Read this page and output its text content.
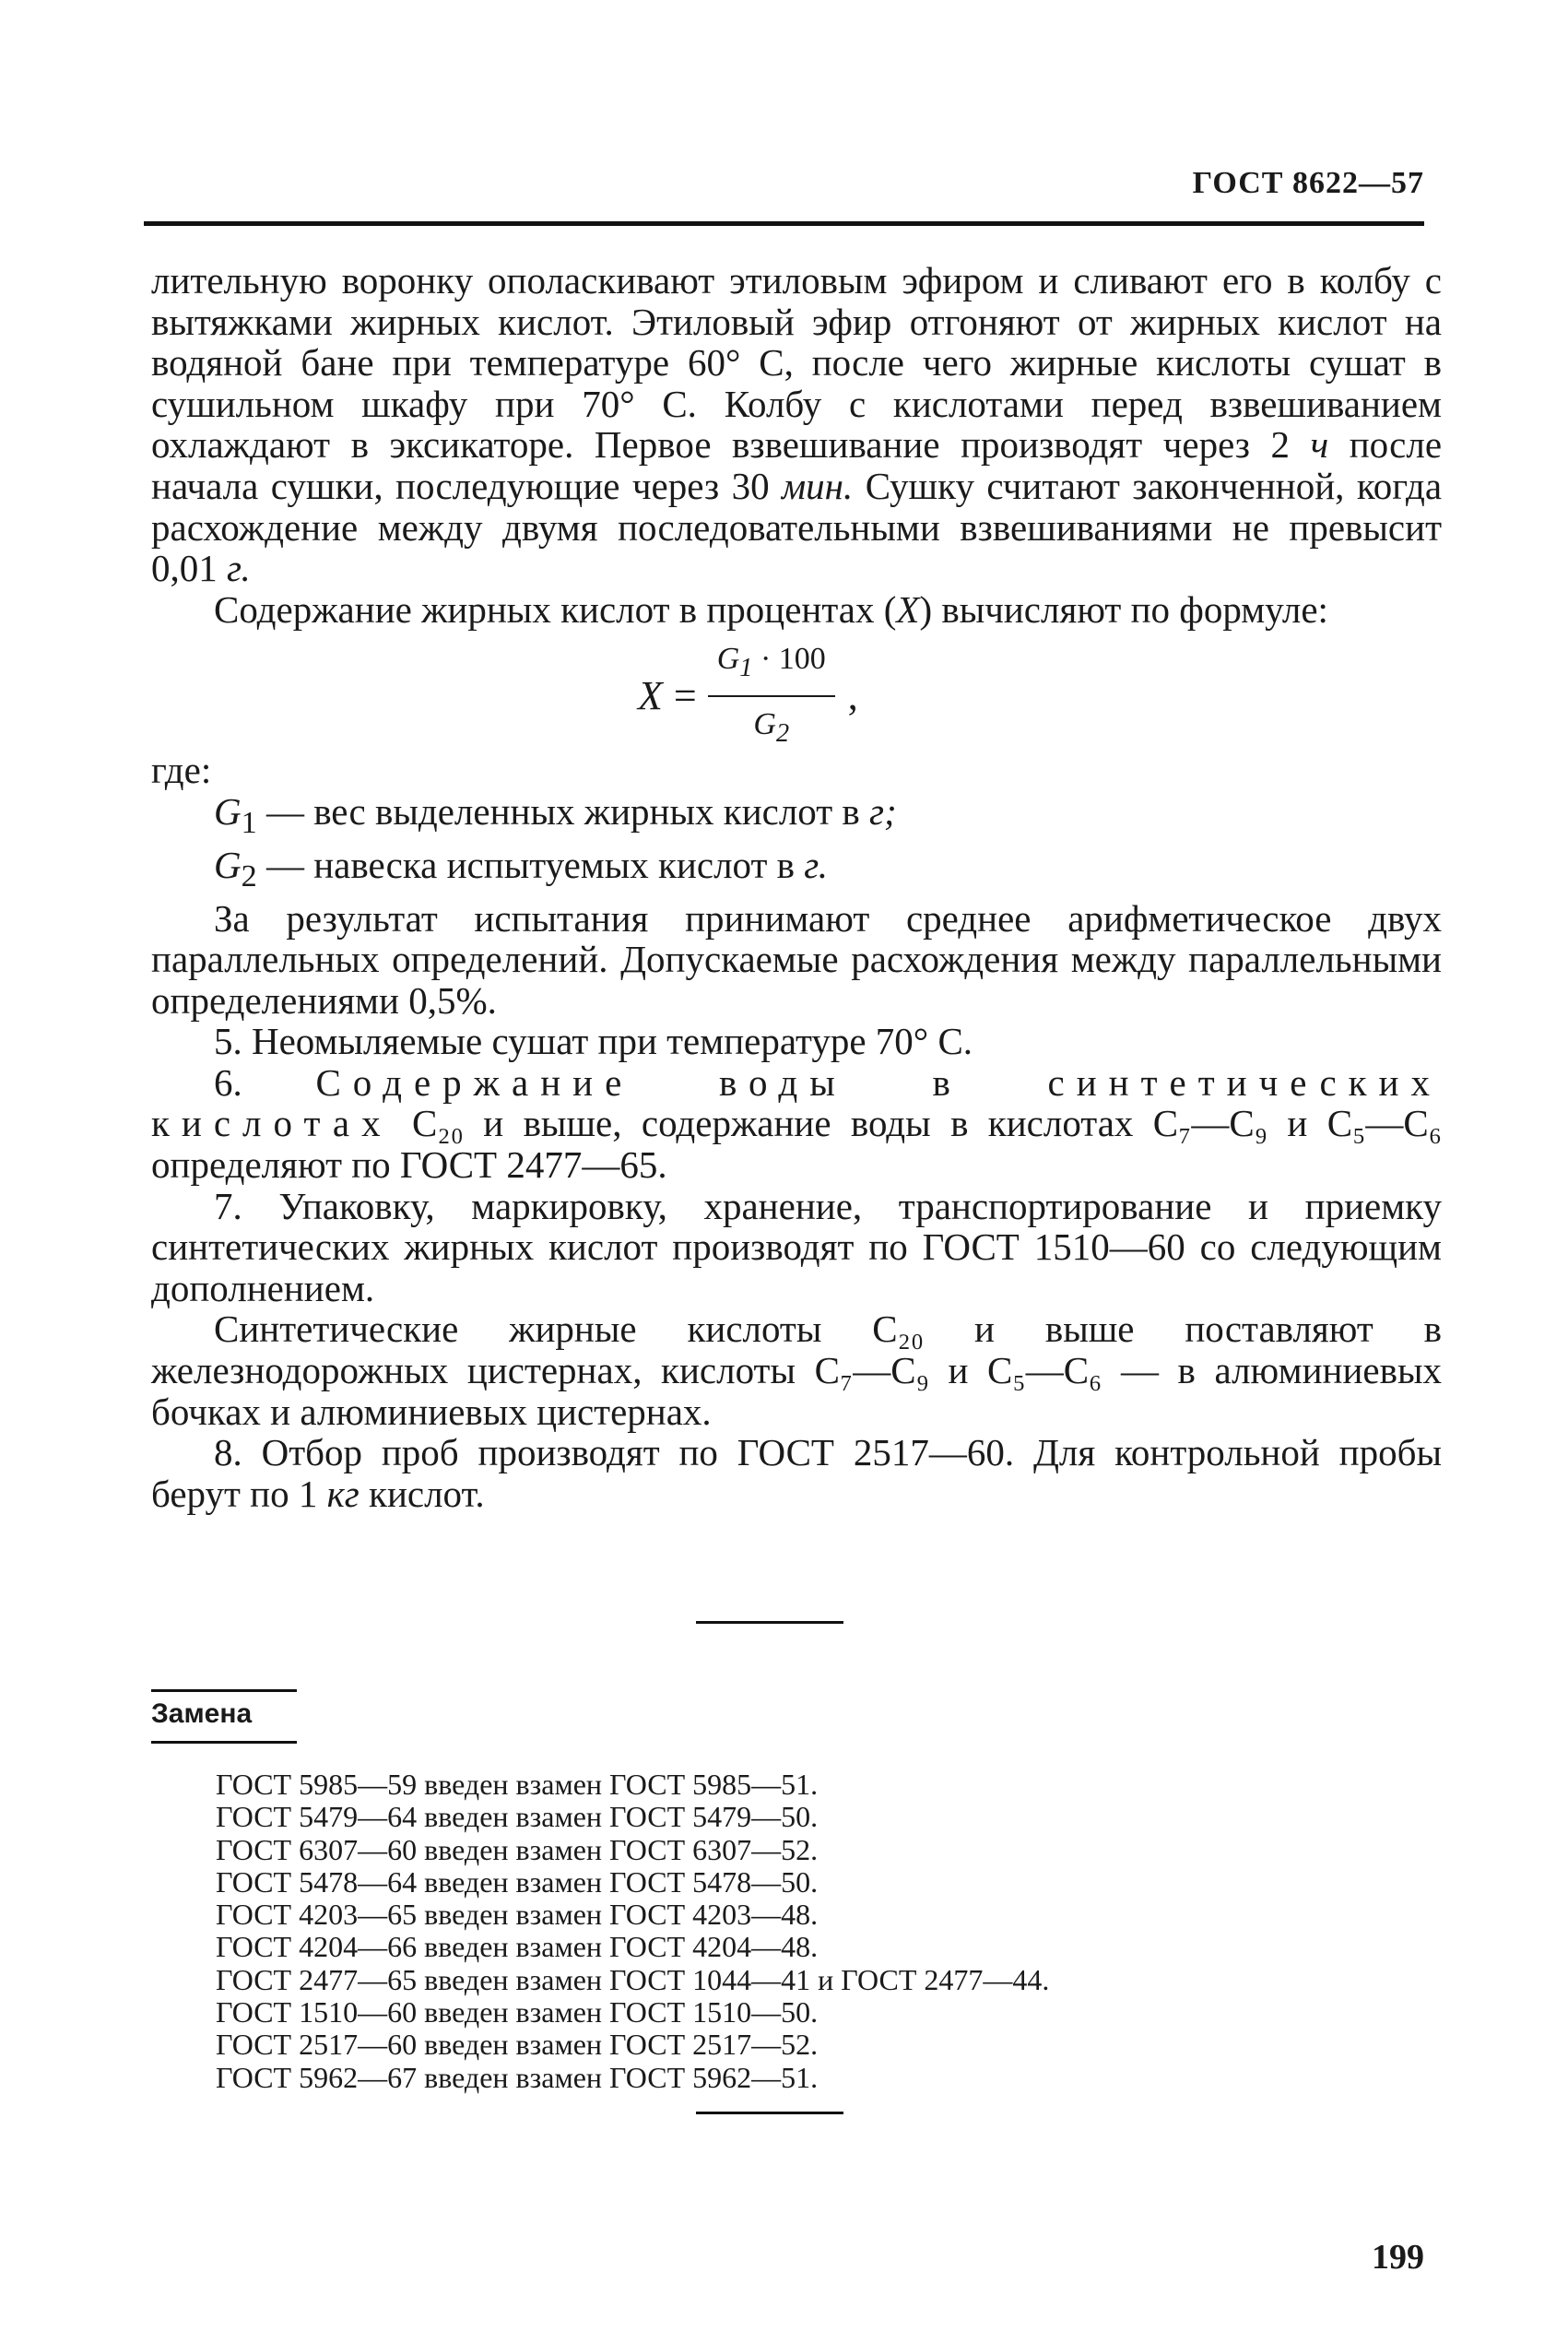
ГОСТ 8622—57

лительную воронку ополаскивают этиловым эфиром и сливают его в колбу с вытяжками жирных кислот. Этиловый эфир отгоняют от жирных кислот на водяной бане при температуре 60° С, после чего жирные кислоты сушат в сушильном шкафу при 70° С. Колбу с кислотами перед взвешиванием охлаждают в эксикаторе. Первое взвешивание производят через 2 ч после начала сушки, последующие через 30 мин. Сушку считают законченной, когда расхождение между двумя последовательными взвешиваниями не превысит 0,01 г.

Содержание жирных кислот в процентах (X) вычисляют по формуле:

$X = \frac{G_1 \cdot 100}{G_2}$ ,

где:

$G_1$ — вес выделенных жирных кислот в г;

$G_2$ — навеска испытуемых кислот в г.

За результат испытания принимают среднее арифметическое двух параллельных определений. Допускаемые расхождения между параллельными определениями 0,5%.

5. Неомыляемые сушат при температуре 70° С.

6. Содержание воды в синтетических кислотах C₂₀ и выше, содержание воды в кислотах C₇—C₉ и C₅—C₆ определяют по ГОСТ 2477—65.

7. Упаковку, маркировку, хранение, транспортирование и приемку синтетических жирных кислот производят по ГОСТ 1510—60 со следующим дополнением.

Синтетические жирные кислоты C₂₀ и выше поставляют в железнодорожных цистернах, кислоты C₇—C₉ и C₅—C₆ — в алюминиевых бочках и алюминиевых цистернах.

8. Отбор проб производят по ГОСТ 2517—60. Для контрольной пробы берут по 1 кг кислот.

Замена
ГОСТ 5985—59 введен взамен ГОСТ 5985—51.
ГОСТ 5479—64 введен взамен ГОСТ 5479—50.
ГОСТ 6307—60 введен взамен ГОСТ 6307—52.
ГОСТ 5478—64 введен взамен ГОСТ 5478—50.
ГОСТ 4203—65 введен взамен ГОСТ 4203—48.
ГОСТ 4204—66 введен взамен ГОСТ 4204—48.
ГОСТ 2477—65 введен взамен ГОСТ 1044—41 и ГОСТ 2477—44.
ГОСТ 1510—60 введен взамен ГОСТ 1510—50.
ГОСТ 2517—60 введен взамен ГОСТ 2517—52.
ГОСТ 5962—67 введен взамен ГОСТ 5962—51.
199
